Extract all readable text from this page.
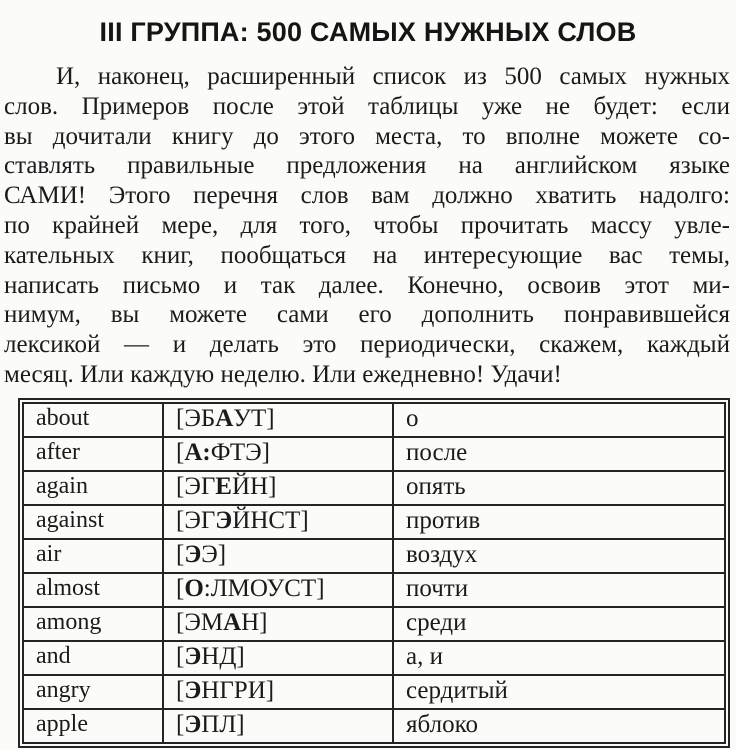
III ГРУППА: 500 САМЫХ НУЖНЫХ СЛОВ
И, наконец, расширенный список из 500 самых нужных
слов. Примеров после этой таблицы уже не будет: если
вы дочитали книгу до этого места, то вполне можете со-
ставлять правильные предложения на английском языке
САМИ! Этого перечня слов вам должно хватить надолго:
по крайней мере, для того, чтобы прочитать массу увле-
кательных книг, пообщаться на интересующие вас темы,
написать письмо и так далее. Конечно, освоив этот ми-
нимум, вы можете сами его дополнить понравившейся
лексикой — и делать это периодически, скажем, каждый
месяц. Или каждую неделю. Или ежедневно! Удачи!
about	[ЭБАУТ]	о
after	[А:ФТЭ]	после
again	[ЭГЕЙН]	опять
against	[ЭГЭЙНСТ]	против
air	[ЭЭ]	воздух
almost	[О:ЛМОУСТ]	почти
among	[ЭМАН]	среди
and	[ЭНД]	а, и
angry	[ЭНГРИ]	сердитый
apple	[ЭПЛ]	яблоко
